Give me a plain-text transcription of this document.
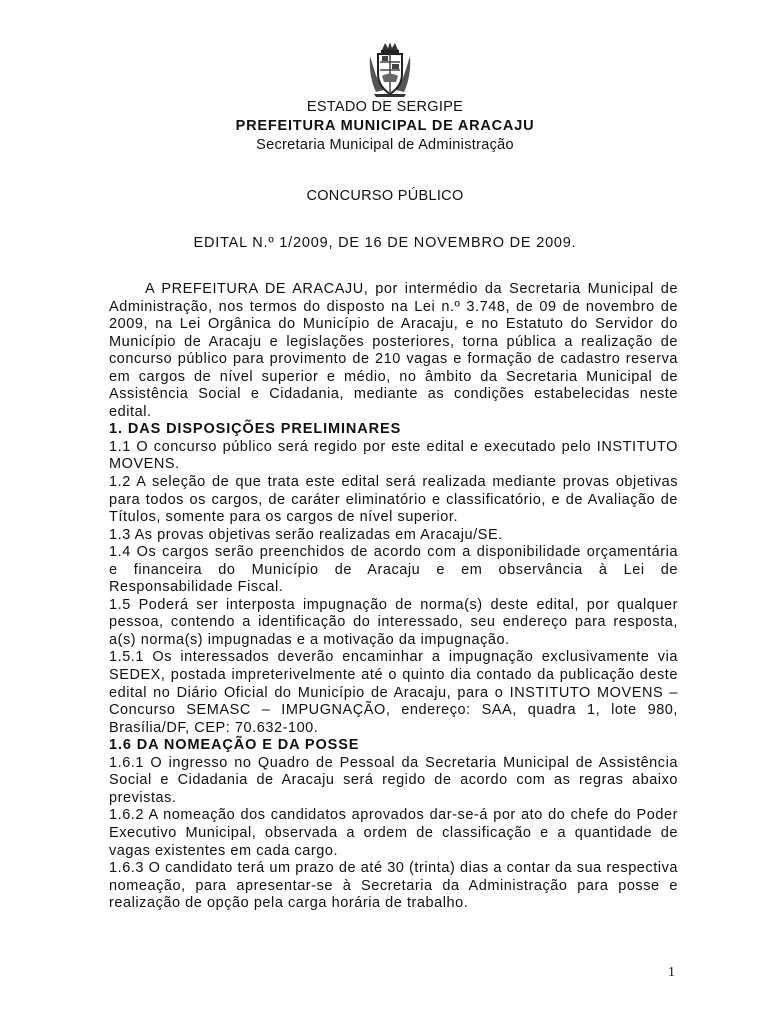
ESTADO DE SERGIPE
PREFEITURA MUNICIPAL DE ARACAJU
Secretaria Municipal de Administração
CONCURSO PÚBLICO
EDITAL N.º 1/2009, DE 16 DE NOVEMBRO DE 2009.

A PREFEITURA DE ARACAJU, por intermédio da Secretaria Municipal de Administração, nos termos do disposto na Lei n.º 3.748, de 09 de novembro de 2009, na Lei Orgânica do Município de Aracaju, e no Estatuto do Servidor do Município de Aracaju e legislações posteriores, torna pública a realização de concurso público para provimento de 210 vagas e formação de cadastro reserva em cargos de nível superior e médio, no âmbito da Secretaria Municipal de Assistência Social e Cidadania, mediante as condições estabelecidas neste edital.

1. DAS DISPOSIÇÕES PRELIMINARES

1.1 O concurso público será regido por este edital e executado pelo INSTITUTO MOVENS.

1.2 A seleção de que trata este edital será realizada mediante provas objetivas para todos os cargos, de caráter eliminatório e classificatório, e de Avaliação de Títulos, somente para os cargos de nível superior.

1.3 As provas objetivas serão realizadas em Aracaju/SE.

1.4 Os cargos serão preenchidos de acordo com a disponibilidade orçamentária e financeira do Município de Aracaju e em observância à Lei de Responsabilidade Fiscal.

1.5 Poderá ser interposta impugnação de norma(s) deste edital, por qualquer pessoa, contendo a identificação do interessado, seu endereço para resposta, a(s) norma(s) impugnadas e a motivação da impugnação.

1.5.1 Os interessados deverão encaminhar a impugnação exclusivamente via SEDEX, postada impreterivelmente até o quinto dia contado da publicação deste edital no Diário Oficial do Município de Aracaju, para o INSTITUTO MOVENS – Concurso SEMASC – IMPUGNAÇÃO, endereço: SAA, quadra 1, lote 980, Brasília/DF, CEP: 70.632-100.

1.6 DA NOMEAÇÃO E DA POSSE

1.6.1 O ingresso no Quadro de Pessoal da Secretaria Municipal de Assistência Social e Cidadania de Aracaju será regido de acordo com as regras abaixo previstas.

1.6.2 A nomeação dos candidatos aprovados dar-se-á por ato do chefe do Poder Executivo Municipal, observada a ordem de classificação e a quantidade de vagas existentes em cada cargo.

1.6.3 O candidato terá um prazo de até 30 (trinta) dias a contar da sua respectiva nomeação, para apresentar-se à Secretaria da Administração para posse e realização de opção pela carga horária de trabalho.

1
